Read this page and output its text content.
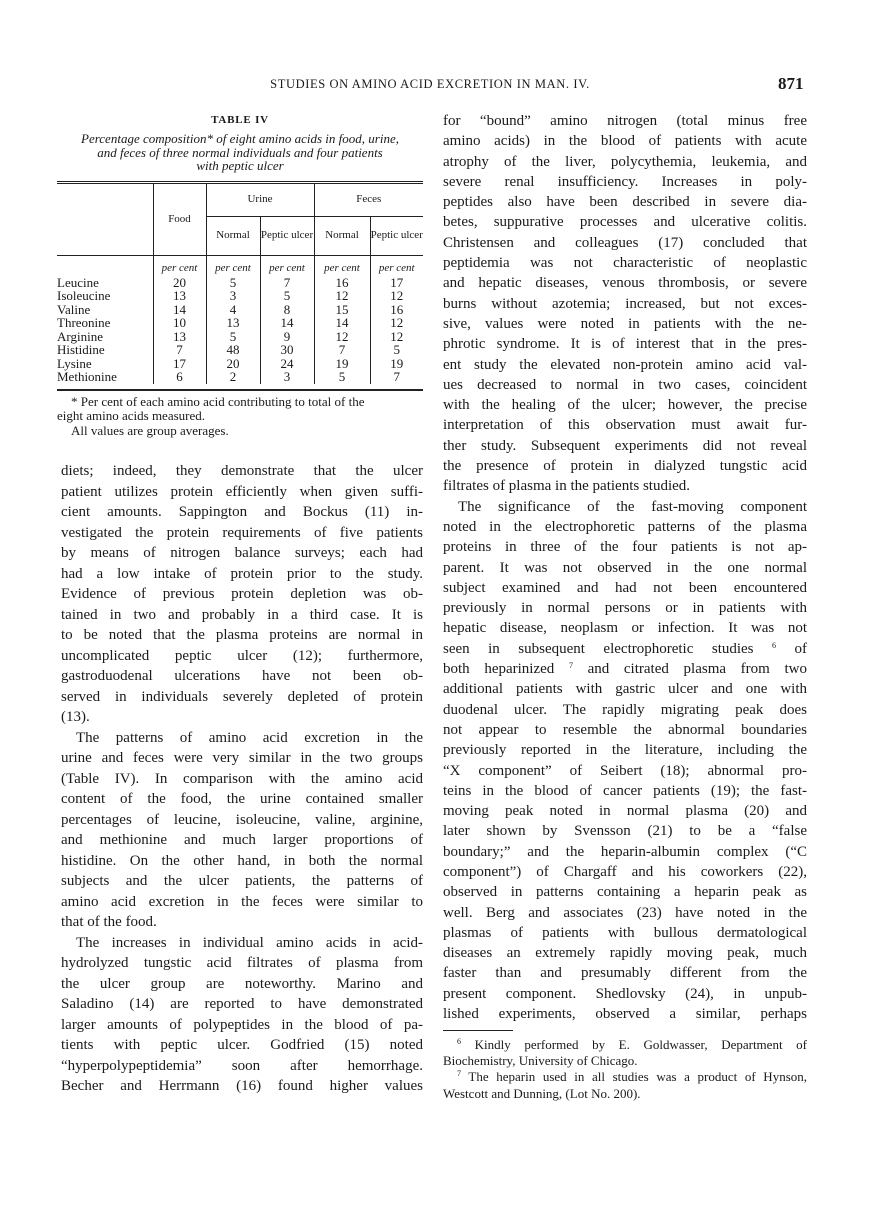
STUDIES ON AMINO ACID EXCRETION IN MAN. IV.	871
TABLE IV
Percentage composition* of eight amino acids in food, urine,
and feces of three normal individuals and four patients
with peptic ulcer
	Food	Urine		Feces	
		Normal	Peptic ulcer	Normal	Peptic ulcer
	per cent	per cent	per cent	per cent	per cent
Leucine	20	5	7	16	17
Isoleucine	13	3	5	12	12
Valine	14	4	8	15	16
Threonine	10	13	14	14	12
Arginine	13	5	9	12	12
Histidine	7	48	30	7	5
Lysine	17	20	24	19	19
Methionine	6	2	3	5	7
* Per cent of each amino acid contributing to total of the
eight amino acids measured.
All values are group averages.
diets; indeed, they demonstrate that the ulcer
patient utilizes protein efficiently when given suffi-
cient amounts. Sappington and Bockus (11) in-
vestigated the protein requirements of five patients
by means of nitrogen balance surveys; each had
had a low intake of protein prior to the study.
Evidence of previous protein depletion was ob-
tained in two and probably in a third case. It is
to be noted that the plasma proteins are normal in
uncomplicated peptic ulcer (12); furthermore,
gastroduodenal ulcerations have not been ob-
served in individuals severely depleted of protein
(13).
The patterns of amino acid excretion in the
urine and feces were very similar in the two groups
(Table IV). In comparison with the amino acid
content of the food, the urine contained smaller
percentages of leucine, isoleucine, valine, arginine,
and methionine and much larger proportions of
histidine. On the other hand, in both the normal
subjects and the ulcer patients, the patterns of
amino acid excretion in the feces were similar to
that of the food.
The increases in individual amino acids in acid-
hydrolyzed tungstic acid filtrates of plasma from
the ulcer group are noteworthy. Marino and
Saladino (14) are reported to have demonstrated
larger amounts of polypeptides in the blood of pa-
tients with peptic ulcer. Godfried (15) noted
“hyperpolypeptidemia” soon after hemorrhage.
Becher and Herrmann (16) found higher values
for “bound” amino nitrogen (total minus free
amino acids) in the blood of patients with acute
atrophy of the liver, polycythemia, leukemia, and
severe renal insufficiency. Increases in poly-
peptides also have been described in severe dia-
betes, suppurative processes and ulcerative colitis.
Christensen and colleagues (17) concluded that
peptidemia was not characteristic of neoplastic
and hepatic diseases, venous thrombosis, or severe
burns without azotemia; increased, but not exces-
sive, values were noted in patients with the ne-
phrotic syndrome. It is of interest that in the pres-
ent study the elevated non-protein amino acid val-
ues decreased to normal in two cases, coincident
with the healing of the ulcer; however, the precise
interpretation of this observation must await fur-
ther study. Subsequent experiments did not reveal
the presence of protein in dialyzed tungstic acid
filtrates of plasma in the patients studied.
The significance of the fast-moving component
noted in the electrophoretic patterns of the plasma
proteins in three of the four patients is not ap-
parent. It was not observed in the one normal
subject examined and had not been encountered
previously in normal persons or in patients with
hepatic disease, neoplasm or infection. It was not
seen in subsequent electrophoretic studies $^6$ of
both heparinized $^7$ and citrated plasma from two
additional patients with gastric ulcer and one with
duodenal ulcer. The rapidly migrating peak does
not appear to resemble the abnormal boundaries
previously reported in the literature, including the
“X component” of Seibert (18); abnormal pro-
teins in the blood of cancer patients (19); the fast-
moving peak noted in normal plasma (20) and
later shown by Svensson (21) to be a “false
boundary;” and the heparin-albumin complex (“C
component”) of Chargaff and his coworkers (22),
observed in patterns containing a heparin peak as
well. Berg and associates (23) have noted in the
plasmas of patients with bullous dermatological
diseases an extremely rapidly moving peak, much
faster than and presumably different from the
present component. Shedlovsky (24), in unpub-
lished experiments, observed a similar, perhaps
$^6$ Kindly performed by E. Goldwasser, Department of Biochemistry, University of Chicago.
$^7$ The heparin used in all studies was a product of Hynson, Westcott and Dunning, (Lot No. 200).
